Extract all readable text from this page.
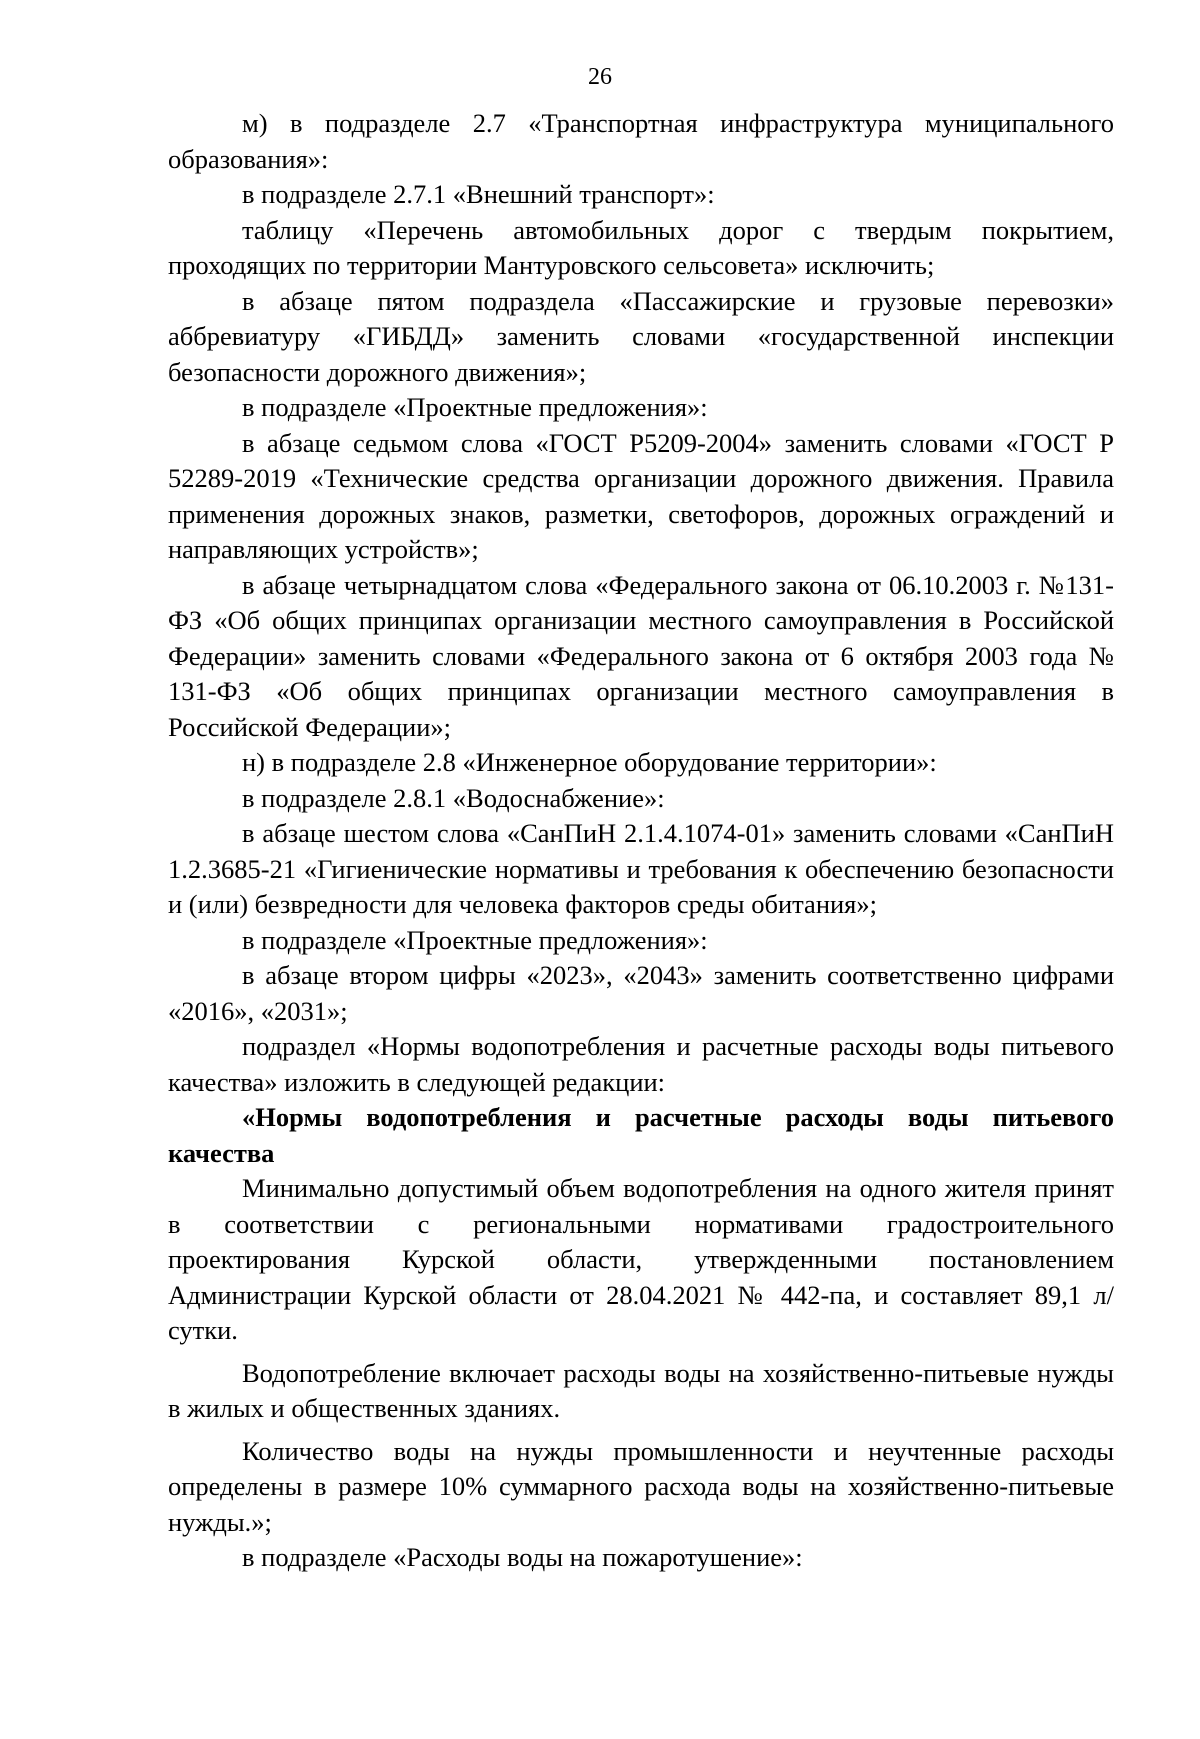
26

м) в подразделе 2.7 «Транспортная инфраструктура муниципального образования»:

в подразделе 2.7.1 «Внешний транспорт»:

таблицу «Перечень автомобильных дорог с твердым покрытием, проходящих по территории Мантуровского сельсовета» исключить;

в абзаце пятом подраздела «Пассажирские и грузовые перевозки» аббревиатуру «ГИБДД» заменить словами «государственной инспекции безопасности дорожного движения»;

в подразделе «Проектные предложения»:

в абзаце седьмом слова «ГОСТ Р5209-2004» заменить словами «ГОСТ Р 52289-2019 «Технические средства организации дорожного движения. Правила применения дорожных знаков, разметки, светофоров, дорожных ограждений и направляющих устройств»;

в абзаце четырнадцатом слова «Федерального закона от 06.10.2003 г. №131-ФЗ «Об общих принципах организации местного самоуправления в Российской Федерации» заменить словами «Федерального закона от 6 октября 2003 года № 131-ФЗ «Об общих принципах организации местного самоуправления в Российской Федерации»;

н) в подразделе 2.8 «Инженерное оборудование территории»:

в подразделе 2.8.1 «Водоснабжение»:

в абзаце шестом слова «СанПиН 2.1.4.1074-01» заменить словами «СанПиН 1.2.3685-21 «Гигиенические нормативы и требования к обеспечению безопасности и (или) безвредности для человека факторов среды обитания»;

в подразделе «Проектные предложения»:

в абзаце втором цифры «2023», «2043» заменить соответственно цифрами «2016», «2031»;

подраздел «Нормы водопотребления и расчетные расходы воды питьевого качества» изложить в следующей редакции:

«Нормы водопотребления и расчетные расходы воды питьевого качества

Минимально допустимый объем водопотребления на одного жителя принят в соответствии с региональными нормативами градостроительного проектирования Курской области, утвержденными постановлением Администрации Курской области от 28.04.2021 № 442-па, и составляет 89,1 л/сутки.

Водопотребление включает расходы воды на хозяйственно-питьевые нужды в жилых и общественных зданиях.

Количество воды на нужды промышленности и неучтенные расходы определены в размере 10% суммарного расхода воды на хозяйственно-питьевые нужды.»;

в подразделе «Расходы воды на пожаротушение»:
